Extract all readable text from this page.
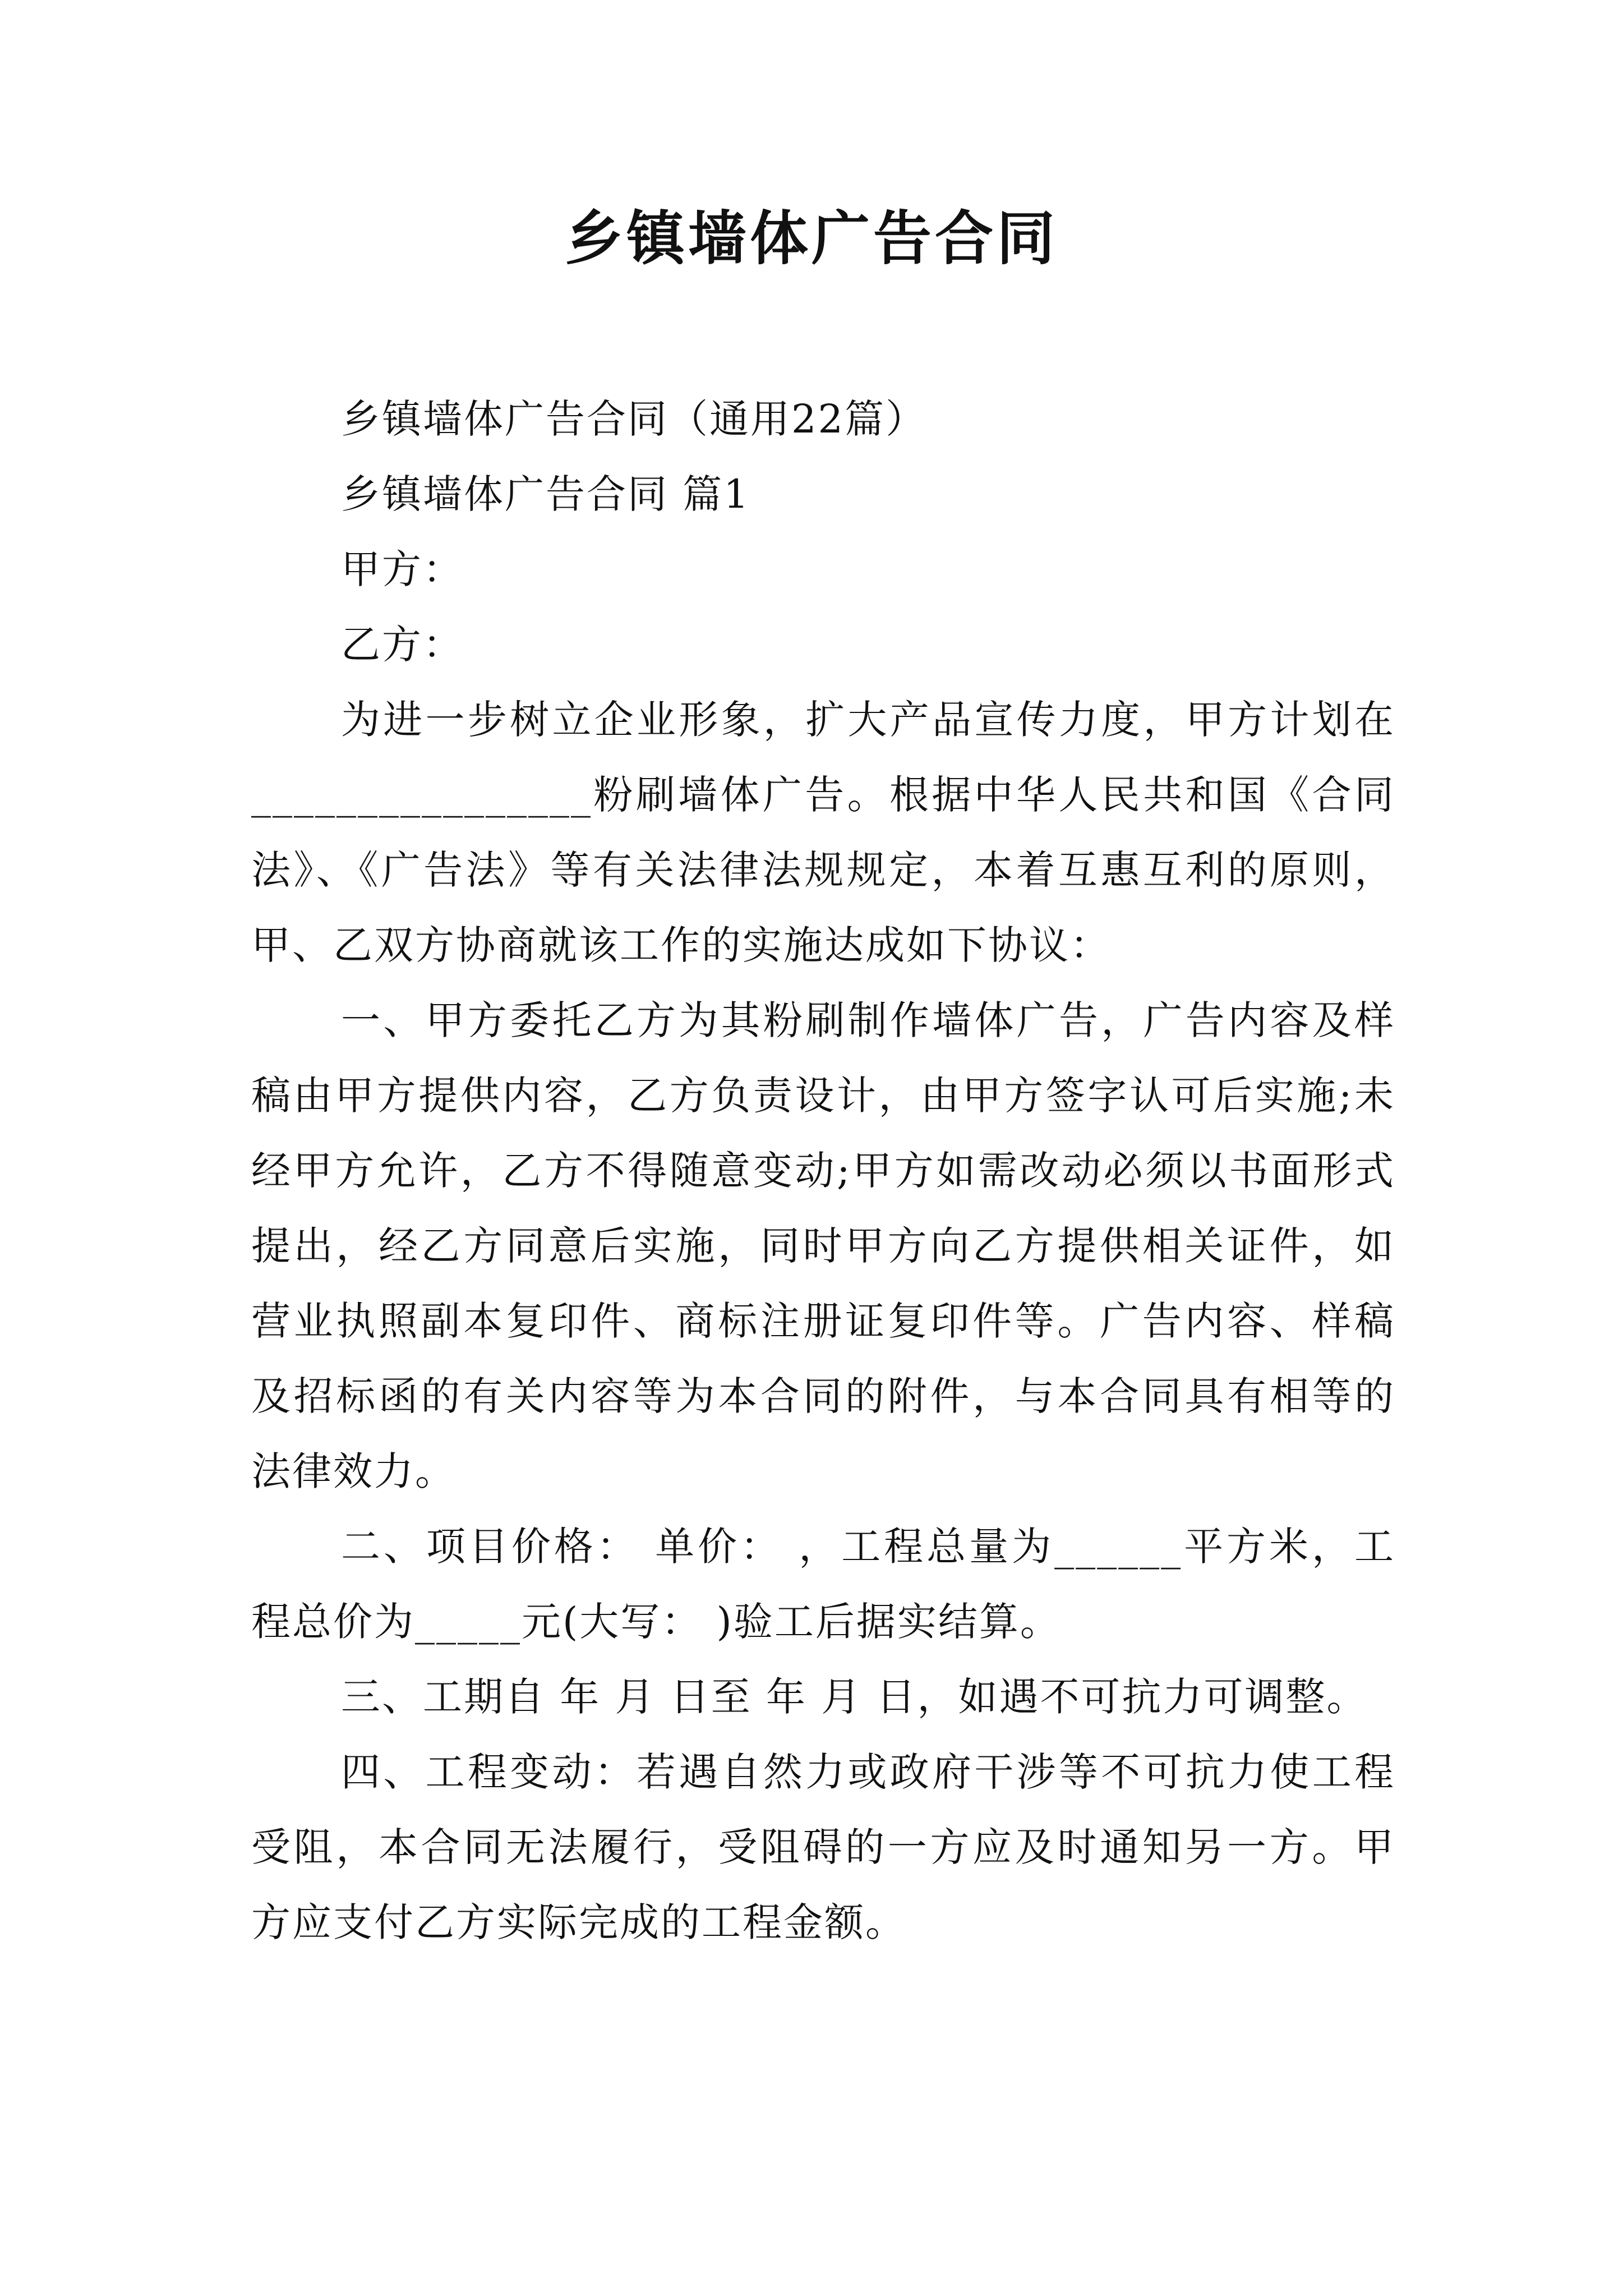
乡镇墙体广告合同

乡镇墙体广告合同（通用22篇）

乡镇墙体广告合同 篇1

甲方：

乙方：

为进一步树立企业形象，扩大产品宣传力度，甲方计划在________________粉刷墙体广告。根据中华人民共和国《合同法》、《广告法》等有关法律法规规定，本着互惠互利的原则，甲、乙双方协商就该工作的实施达成如下协议：

一、甲方委托乙方为其粉刷制作墙体广告，广告内容及样稿由甲方提供内容，乙方负责设计，由甲方签字认可后实施;未经甲方允许，乙方不得随意变动;甲方如需改动必须以书面形式提出，经乙方同意后实施，同时甲方向乙方提供相关证件，如营业执照副本复印件、商标注册证复印件等。广告内容、样稿及招标函的有关内容等为本合同的附件，与本合同具有相等的法律效力。

二、项目价格： 单价： ，工程总量为______平方米，工程总价为_____元(大写： )验工后据实结算。

三、工期自 年 月 日至 年 月 日，如遇不可抗力可调整。

四、工程变动：若遇自然力或政府干涉等不可抗力使工程受阻，本合同无法履行，受阻碍的一方应及时通知另一方。甲方应支付乙方实际完成的工程金额。
